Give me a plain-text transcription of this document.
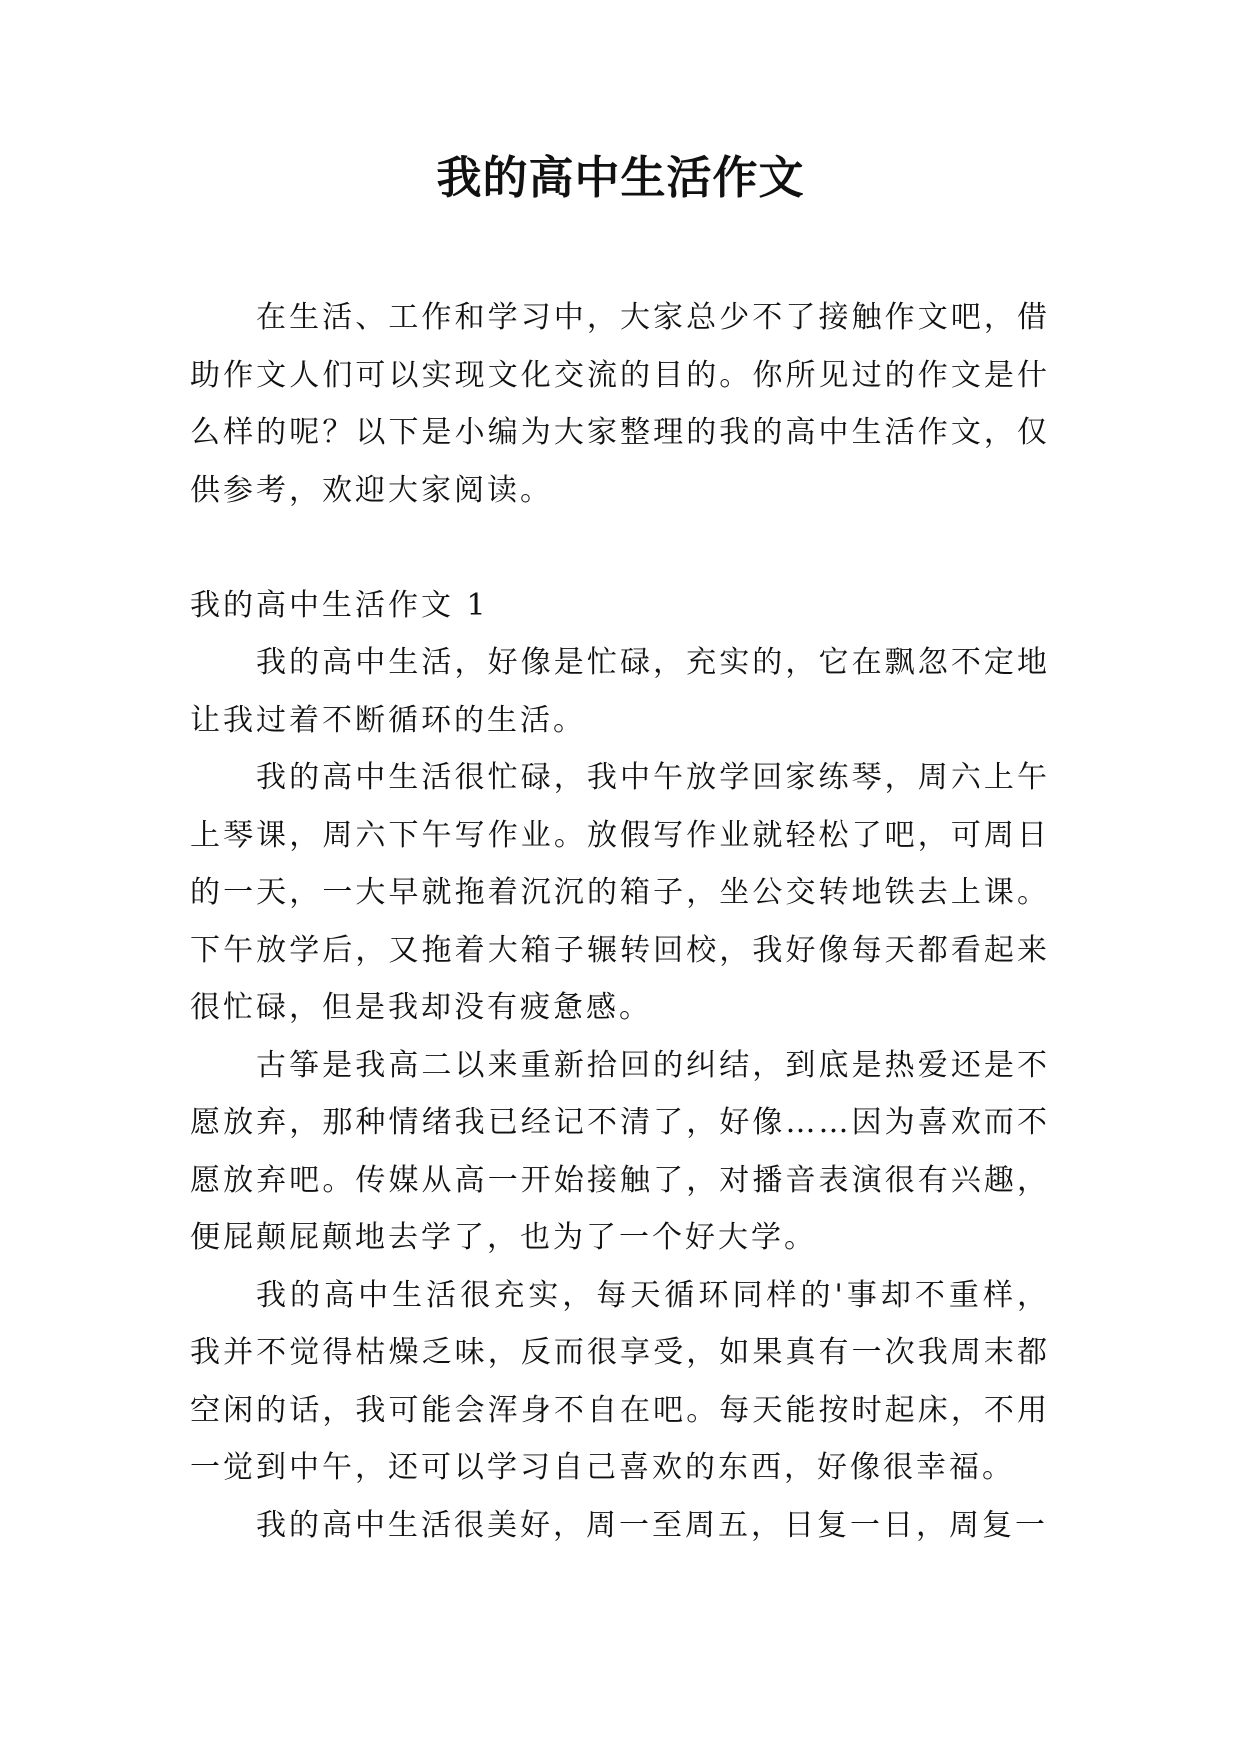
我的高中生活作文

在生活、工作和学习中，大家总少不了接触作文吧，借助作文人们可以实现文化交流的目的。你所见过的作文是什么样的呢？以下是小编为大家整理的我的高中生活作文，仅供参考，欢迎大家阅读。

我的高中生活作文 1

我的高中生活，好像是忙碌，充实的，它在飘忽不定地让我过着不断循环的生活。

我的高中生活很忙碌，我中午放学回家练琴，周六上午上琴课，周六下午写作业。放假写作业就轻松了吧，可周日的一天，一大早就拖着沉沉的箱子，坐公交转地铁去上课。下午放学后，又拖着大箱子辗转回校，我好像每天都看起来很忙碌，但是我却没有疲惫感。

古筝是我高二以来重新拾回的纠结，到底是热爱还是不愿放弃，那种情绪我已经记不清了，好像……因为喜欢而不愿放弃吧。传媒从高一开始接触了，对播音表演很有兴趣，便屁颠屁颠地去学了，也为了一个好大学。

我的高中生活很充实，每天循环同样的'事却不重样，我并不觉得枯燥乏味，反而很享受，如果真有一次我周末都空闲的话，我可能会浑身不自在吧。每天能按时起床，不用一觉到中午，还可以学习自己喜欢的东西，好像很幸福。

我的高中生活很美好，周一至周五，日复一日，周复一
